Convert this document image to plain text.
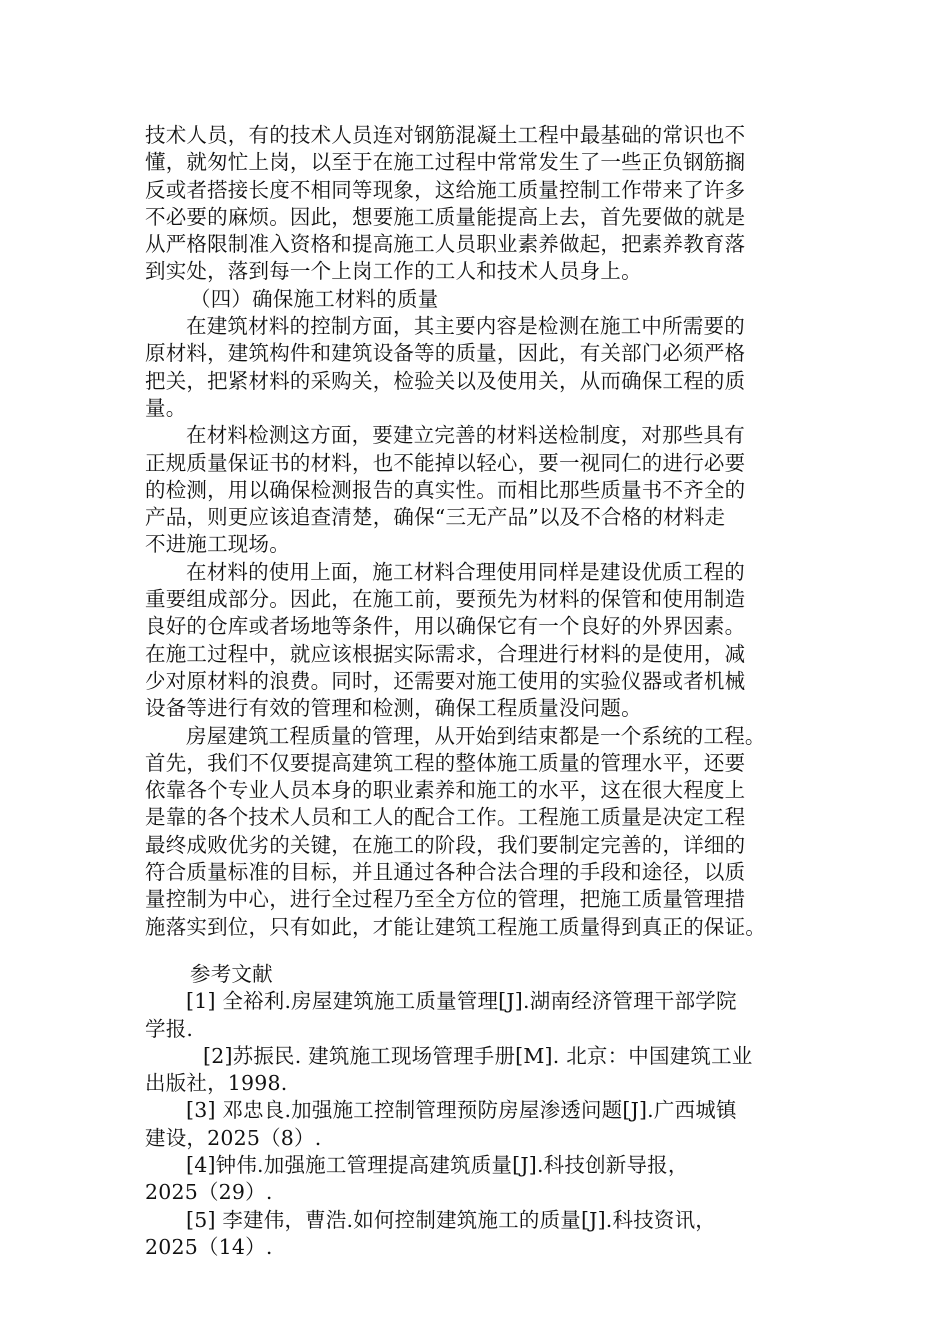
技术人员，有的技术人员连对钢筋混凝土工程中最基础的常识也不
懂，就匆忙上岗，以至于在施工过程中常常发生了一些正负钢筋搁
反或者搭接长度不相同等现象，这给施工质量控制工作带来了许多
不必要的麻烦。因此，想要施工质量能提高上去，首先要做的就是
从严格限制准入资格和提高施工人员职业素养做起，把素养教育落
到实处，落到每一个上岗工作的工人和技术人员身上。
（四）确保施工材料的质量
在建筑材料的控制方面，其主要内容是检测在施工中所需要的
原材料，建筑构件和建筑设备等的质量，因此，有关部门必须严格
把关，把紧材料的采购关，检验关以及使用关，从而确保工程的质
量。
在材料检测这方面，要建立完善的材料送检制度，对那些具有
正规质量保证书的材料，也不能掉以轻心，要一视同仁的进行必要
的检测，用以确保检测报告的真实性。而相比那些质量书不齐全的
产品，则更应该追查清楚，确保“三无产品”以及不合格的材料走
不进施工现场。
在材料的使用上面，施工材料合理使用同样是建设优质工程的
重要组成部分。因此，在施工前，要预先为材料的保管和使用制造
良好的仓库或者场地等条件，用以确保它有一个良好的外界因素。
在施工过程中，就应该根据实际需求，合理进行材料的是使用，减
少对原材料的浪费。同时，还需要对施工使用的实验仪器或者机械
设备等进行有效的管理和检测，确保工程质量没问题。
房屋建筑工程质量的管理，从开始到结束都是一个系统的工程。
首先，我们不仅要提高建筑工程的整体施工质量的管理水平，还要
依靠各个专业人员本身的职业素养和施工的水平，这在很大程度上
是靠的各个技术人员和工人的配合工作。工程施工质量是决定工程
最终成败优劣的关键，在施工的阶段，我们要制定完善的，详细的
符合质量标准的目标，并且通过各种合法合理的手段和途径，以质
量控制为中心，进行全过程乃至全方位的管理，把施工质量管理措
施落实到位，只有如此，才能让建筑工程施工质量得到真正的保证。
参考文献
[1] 全裕利.房屋建筑施工质量管理[J].湖南经济管理干部学院
学报.
[2]苏振民. 建筑施工现场管理手册[M]. 北京：中国建筑工业
出版社，1998.
[3] 邓忠良.加强施工控制管理预防房屋渗透问题[J].广西城镇
建设，2025（8）.
[4]钟伟.加强施工管理提高建筑质量[J].科技创新导报，
2025（29）.
[5] 李建伟，曹浩.如何控制建筑施工的质量[J].科技资讯，
2025（14）.
